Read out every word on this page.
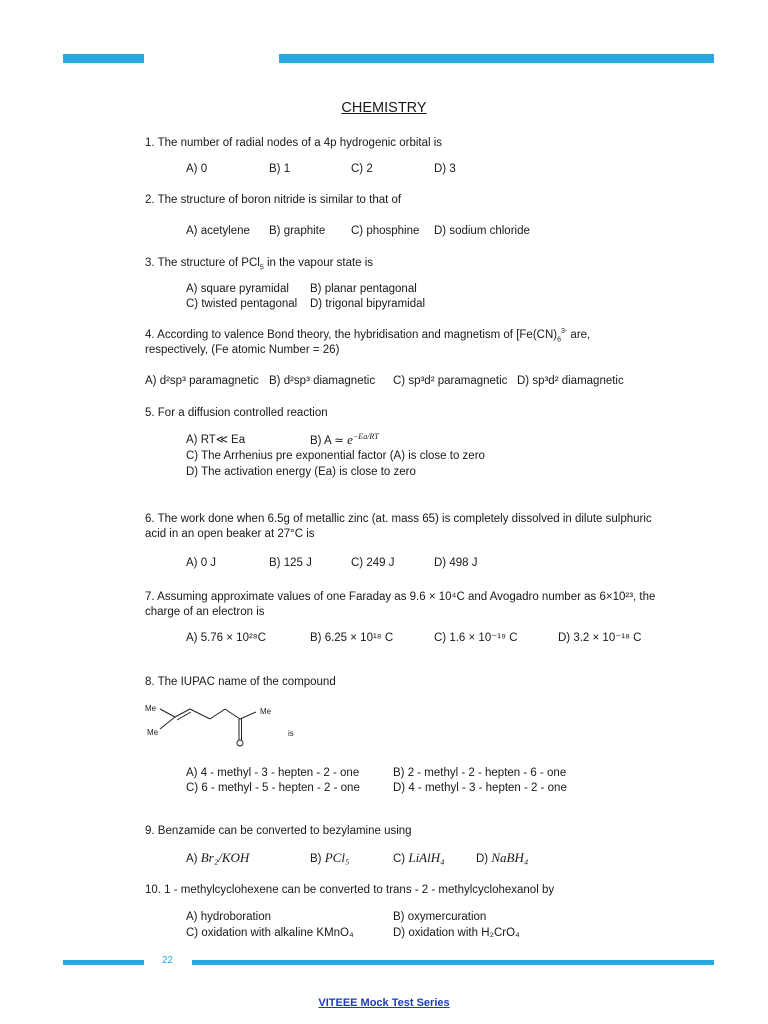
CHEMISTRY
1. The number of radial nodes of a 4p hydrogenic orbital is
A) 0	B) 1	C) 2	D) 3
2. The structure of boron nitride is similar to that of
A) acetylene B) graphite C) phosphine D) sodium chloride
3. The structure of PCl$_5$ in the vapour state is
A) square pyramidal B) planar pentagonal
C) twisted pentagonal D) trigonal bipyramidal
4. According to valence Bond theory, the hybridisation and magnetism of [$Fe(CN)_6^{3-}$ are,
respectively, (Fe atomic Number = 26)
A) d²sp³ paramagnetic B) d²sp³ diamagnetic C) sp³d² paramagnetic D) sp³d² diamagnetic
5. For a diffusion controlled reaction
A) RT≪ Ea	B) A ≃ $e^{-Ea/RT}$
C) The Arrhenius pre exponential factor (A) is close to zero
D) The activation energy (Ea) is close to zero
6. The work done when 6.5g of metallic zinc (at. mass 65) is completely dissolved in dilute sulphuric
acid in an open beaker at 27°C is
A) 0 J	B) 125 J	C) 249 J	D) 498 J
7. Assuming approximate values of one Faraday as 9.6 × 10⁴C and Avogadro number as 6×10²³, the
charge of an electron is
A) 5.76 × 10²⁸C	B) 6.25 × 10¹⁸ C	C) 1.6 × 10⁻¹⁹ C	D) 3.2 × 10⁻¹⁸ C
8. The IUPAC name of the compound
Me
Me
Me
is
A) 4 - methyl - 3 - hepten - 2 - one	B) 2 - methyl - 2 - hepten - 6 - one
C) 6 - methyl - 5 - hepten - 2 - one	D) 4 - methyl - 3 - hepten - 2 - one
9. Benzamide can be converted to bezylamine using
A) Br₂/KOH	B) PCl₅	C) LiAlH₄	D) NaBH₄
10. 1 - methylcyclohexene can be converted to trans - 2 - methylcyclohexanol by
A) hydroboration	B) oxymercuration
C) oxidation with alkaline KMnO₄	D) oxidation with H₂CrO₄
22
VITEEE Mock Test Series
